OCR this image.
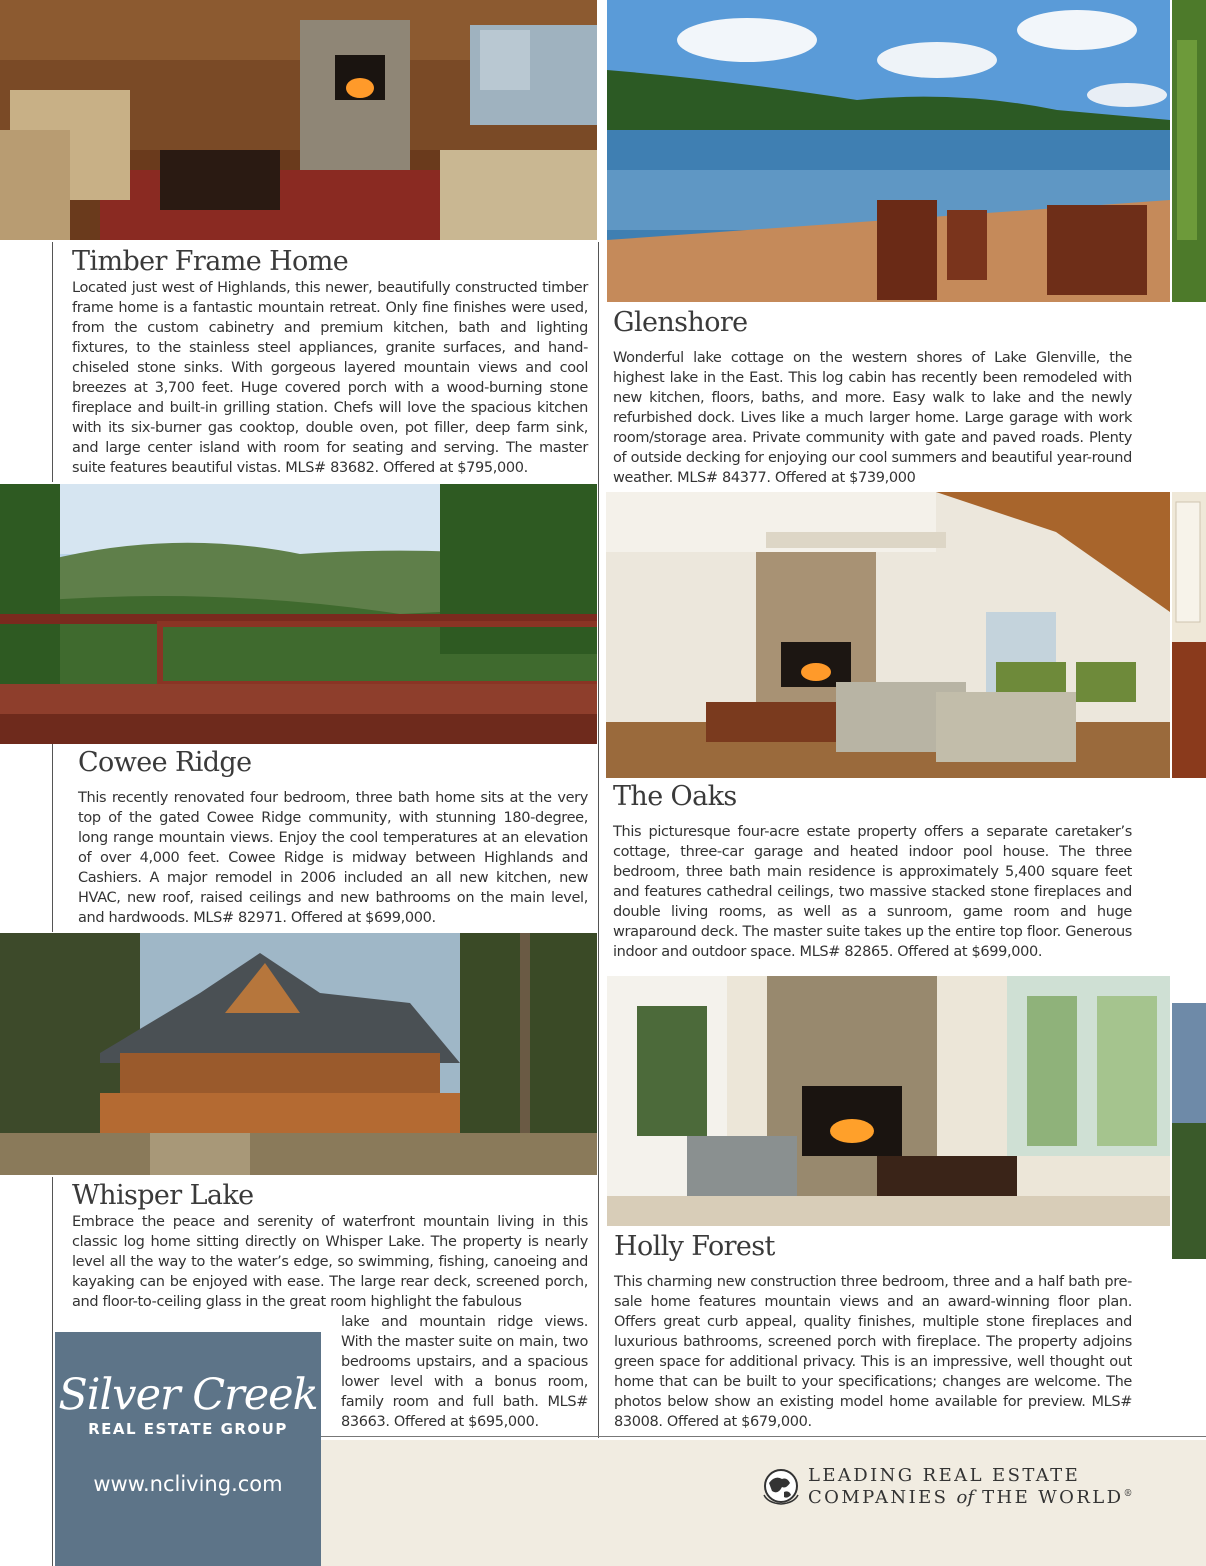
Timber Frame Home

Located just west of Highlands, this newer, beautifully constructed timber frame home is a fantastic mountain retreat. Only fine finishes were used, from the custom cabinetry and premium kitchen, bath and lighting fixtures, to the stainless steel appliances, granite surfaces, and hand-chiseled stone sinks. With gorgeous layered mountain views and cool breezes at 3,700 feet. Huge covered porch with a wood-burning stone fireplace and built-in grilling station. Chefs will love the spacious kitchen with its six-burner gas cooktop, double oven, pot filler, deep farm sink, and large center island with room for seating and serving. The master suite features beautiful vistas. MLS# 83682. Offered at $795,000.

Glenshore

Wonderful lake cottage on the western shores of Lake Glenville, the highest lake in the East. This log cabin has recently been remodeled with new kitchen, floors, baths, and more. Easy walk to lake and the newly refurbished dock. Lives like a much larger home. Large garage with work room/storage area. Private community with gate and paved roads. Plenty of outside decking for enjoying our cool summers and beautiful year-round weather. MLS# 84377. Offered at $739,000

Cowee Ridge

This recently renovated four bedroom, three bath home sits at the very top of the gated Cowee Ridge community, with stunning 180-degree, long range mountain views. Enjoy the cool temperatures at an elevation of over 4,000 feet. Cowee Ridge is midway between Highlands and Cashiers. A major remodel in 2006 included an all new kitchen, new HVAC, new roof, raised ceilings and new bathrooms on the main level, and hardwoods. MLS# 82971. Offered at $699,000.

The Oaks

This picturesque four-acre estate property offers a separate caretaker’s cottage, three-car garage and heated indoor pool house. The three bedroom, three bath main residence is approximately 5,400 square feet and features cathedral ceilings, two massive stacked stone fireplaces and double living rooms, as well as a sunroom, game room and huge wraparound deck. The master suite takes up the entire top floor. Generous indoor and outdoor space. MLS# 82865. Offered at $699,000.

Whisper Lake

Embrace the peace and serenity of waterfront mountain living in this classic log home sitting directly on Whisper Lake. The property is nearly level all the way to the water’s edge, so swimming, fishing, canoeing and kayaking can be enjoyed with ease. The large rear deck, screened porch, and floor-to-ceiling glass in the great room highlight the fabulous

lake and mountain ridge views. With the master suite on main, two bedrooms upstairs, and a spacious lower level with a bonus room, family room and full bath. MLS# 83663. Offered at $695,000.

Holly Forest

This charming new construction three bedroom, three and a half bath pre-sale home features mountain views and an award-winning floor plan. Offers great curb appeal, quality finishes, multiple stone fireplaces and luxurious bathrooms, screened porch with fireplace. The property adjoins green space for additional privacy. This is an impressive, well thought out home that can be built to your specifications; changes are welcome. The photos below show an existing model home available for preview. MLS# 83008. Offered at $679,000.

Silver Creek
REAL ESTATE GROUP
www.ncliving.com	LEADING REAL ESTATE
COMPANIES of THE WORLD®
